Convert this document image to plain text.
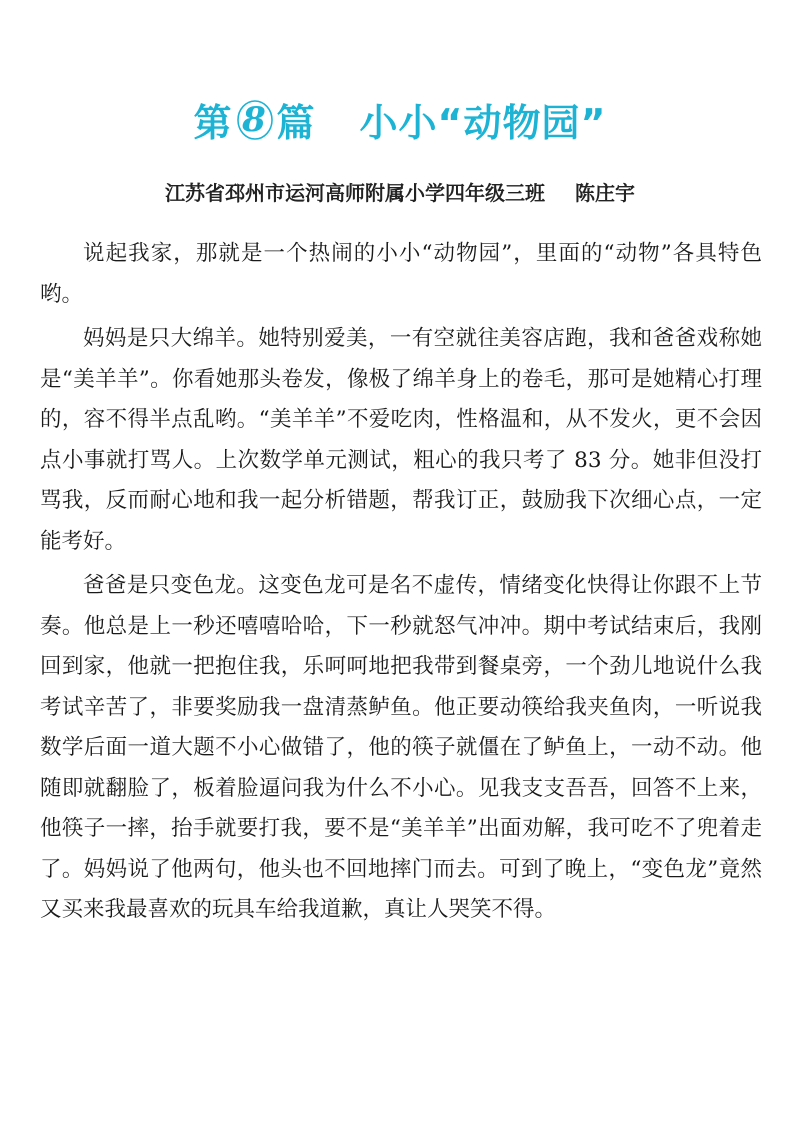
第 8 篇 小小“动物园”
江苏省邳州市运河高师附属小学四年级三班 陈庄宇

说起我家，那就是一个热闹的小小“动物园”，里面的“动物”各具特色哟。

妈妈是只大绵羊。她特别爱美，一有空就往美容店跑，我和爸爸戏称她是“美羊羊”。你看她那头卷发，像极了绵羊身上的卷毛，那可是她精心打理的，容不得半点乱哟。“美羊羊”不爱吃肉，性格温和，从不发火，更不会因点小事就打骂人。上次数学单元测试，粗心的我只考了 83 分。她非但没打骂我，反而耐心地和我一起分析错题，帮我订正，鼓励我下次细心点，一定能考好。

爸爸是只变色龙。这变色龙可是名不虚传，情绪变化快得让你跟不上节奏。他总是上一秒还嘻嘻哈哈，下一秒就怒气冲冲。期中考试结束后，我刚回到家，他就一把抱住我，乐呵呵地把我带到餐桌旁，一个劲儿地说什么我考试辛苦了，非要奖励我一盘清蒸鲈鱼。他正要动筷给我夹鱼肉，一听说我数学后面一道大题不小心做错了，他的筷子就僵在了鲈鱼上，一动不动。他随即就翻脸了，板着脸逼问我为什么不小心。见我支支吾吾，回答不上来，他筷子一摔，抬手就要打我，要不是“美羊羊”出面劝解，我可吃不了兜着走了。妈妈说了他两句，他头也不回地摔门而去。可到了晚上，“变色龙”竟然又买来我最喜欢的玩具车给我道歉，真让人哭笑不得。
